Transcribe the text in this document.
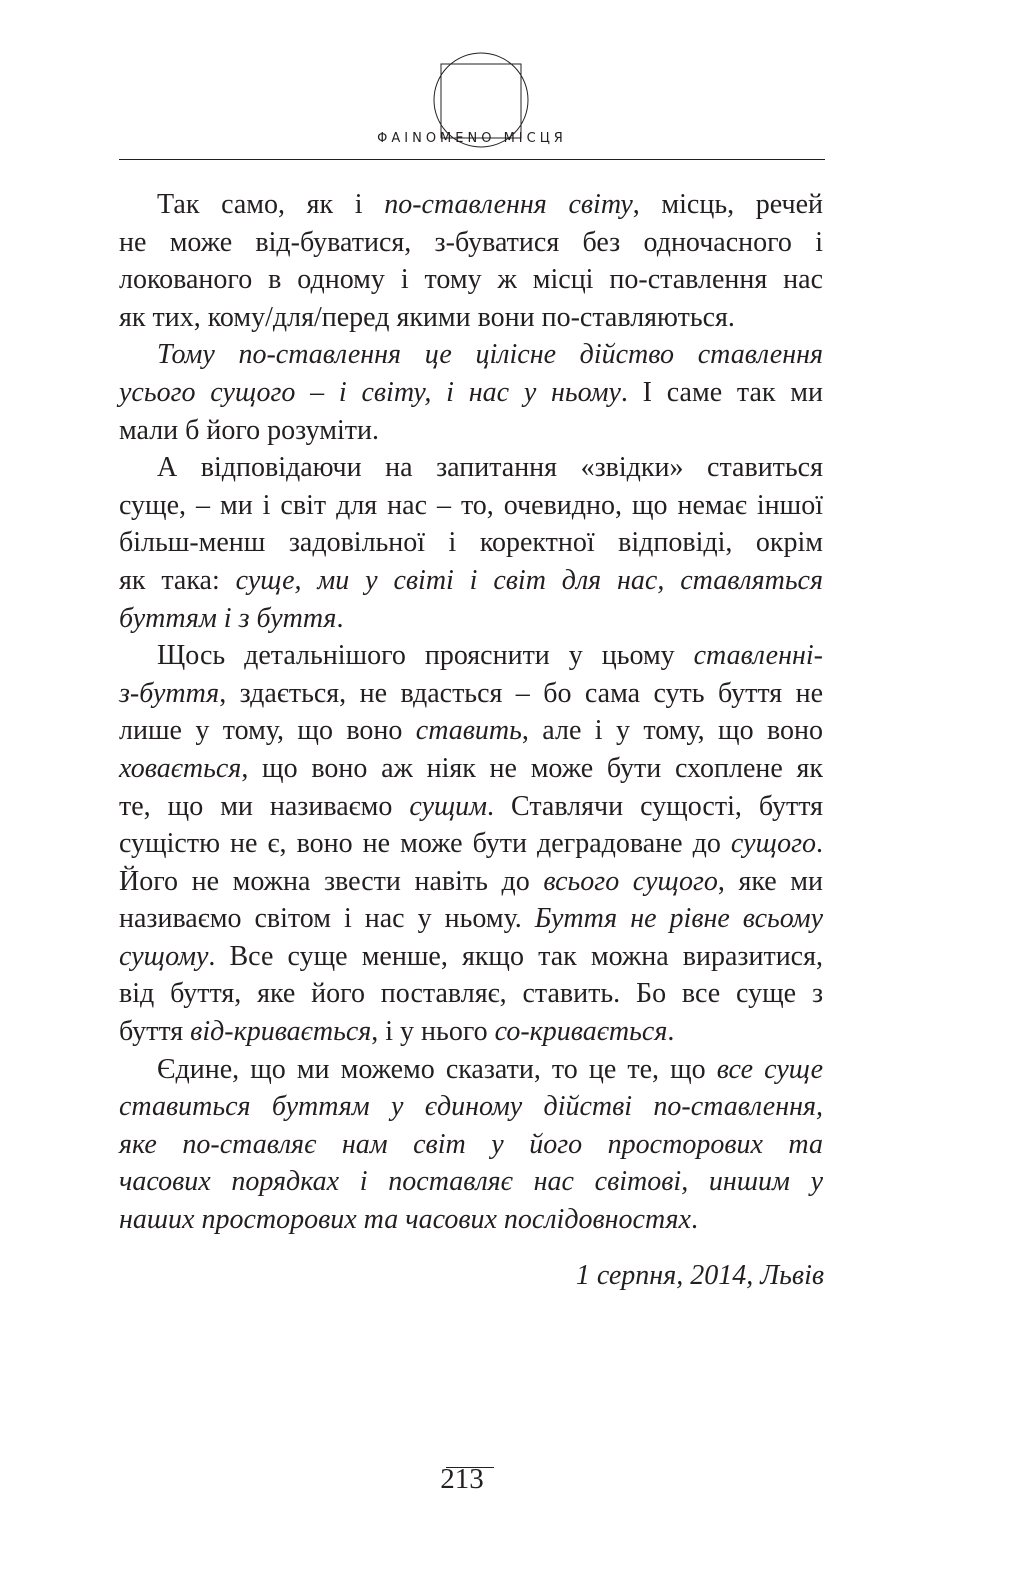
ΦAINOMENO МІСЦЯ
Так само, як і по-ставлення світу, місць, речей
не може від-буватися, з-буватися без одночасного і
локованого в одному і тому ж місці по-ставлення нас
як тих, кому/для/перед якими вони по-ставляються.
Тому по-ставлення це цілісне дійство ставлення
усього сущого – і світу, і нас у ньому. І саме так ми
мали б його розуміти.
А відповідаючи на запитання «звідки» ставиться
суще, – ми і світ для нас – то, очевидно, що немає іншої
більш-менш задовільної і коректної відповіді, окрім
як така: суще, ми у світі і світ для нас, ставляться
буттям і з буття.
Щось детальнішого прояснити у цьому ставленні-
з-буття, здається, не вдасться – бо сама суть буття не
лише у тому, що воно ставить, але і у тому, що воно
ховається, що воно аж ніяк не може бути схоплене як
те, що ми називаємо сущим. Ставлячи сущості, буття
сущістю не є, воно не може бути деградоване до сущого.
Його не можна звести навіть до всього сущого, яке ми
називаємо світом і нас у ньому. Буття не рівне всьому
сущому. Все суще менше, якщо так можна виразитися,
від буття, яке його поставляє, ставить. Бо все суще з
буття від-кривається, і у нього со-кривається.
Єдине, що ми можемо сказати, то це те, що все суще
ставиться буттям у єдиному дійстві по-ставлення,
яке по-ставляє нам світ у його просторових та
часових порядках і поставляє нас світові, иншим у
наших просторових та часових послідовностях.
1 серпня, 2014, Львів
213
